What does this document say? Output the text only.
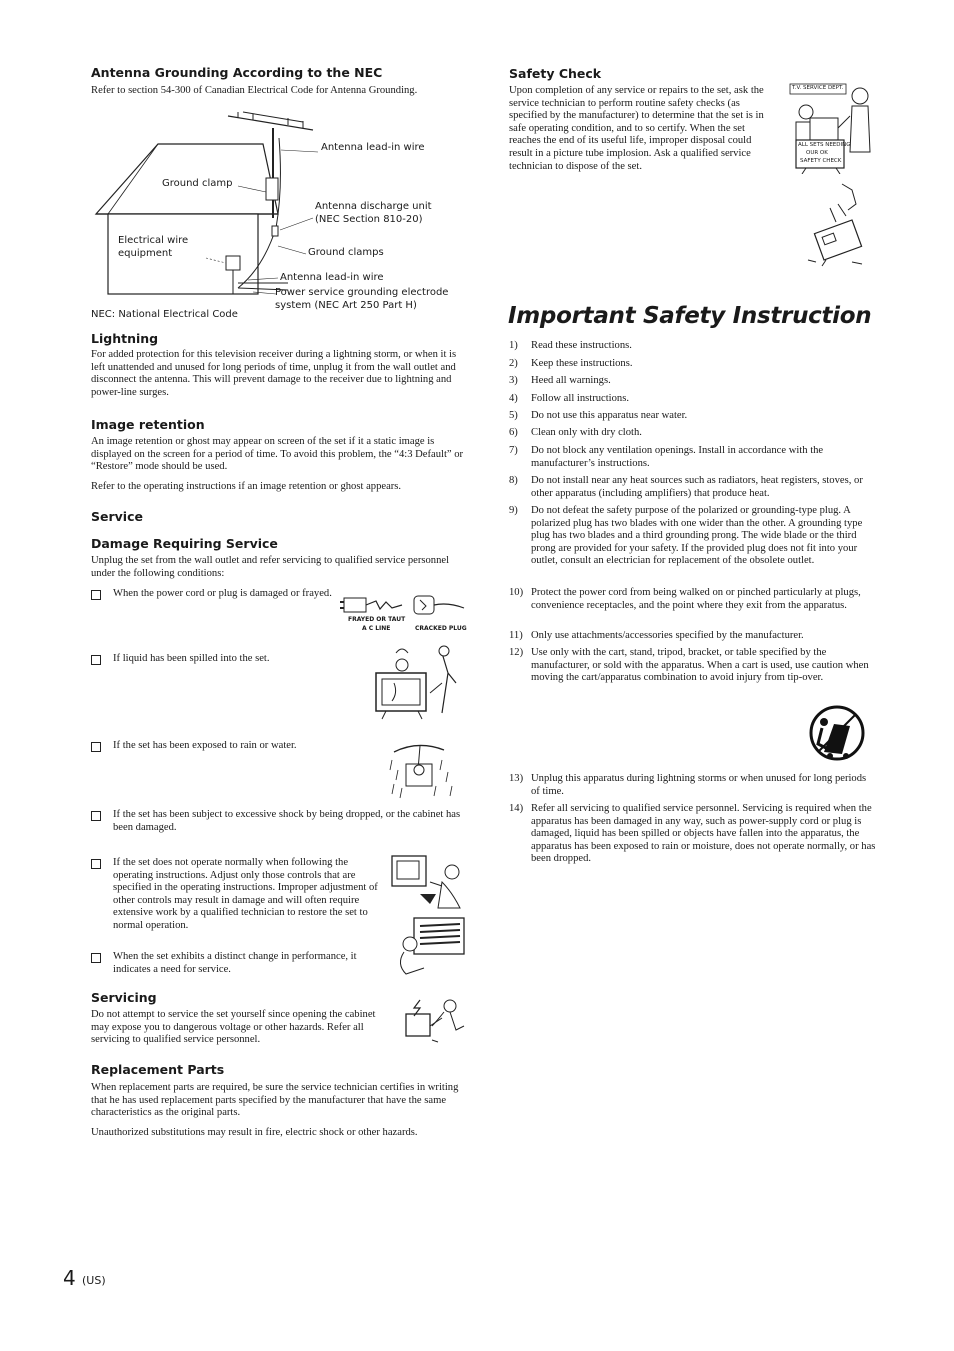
Antenna Grounding According to the NEC

Refer to section 54-300 of Canadian Electrical Code for Antenna Grounding.

Antenna lead-in wire
Ground clamp
Antenna discharge unit
(NEC Section 810-20)
Electrical wire
equipment	Ground clamps
Antenna lead-in wire
Power service grounding electrode
system (NEC Art 250 Part H)
NEC: National Electrical Code
Lightning

For added protection for this television receiver during a lightning storm, or when it is left unattended and unused for long periods of time, unplug it from the wall outlet and disconnect the antenna. This will prevent damage to the receiver due to lightning and power-line surges.

Image retention

An image retention or ghost may appear on screen of the set if it a static image is displayed on the screen for a period of time. To avoid this problem, the “4:3 Default” or “Restore” mode should be used.

Refer to the operating instructions if an image retention or ghost appears.

Service
Damage Requiring Service

Unplug the set from the wall outlet and refer servicing to qualified service personnel under the following conditions:

When the power cord or plug is damaged or frayed.
FRAYED OR TAUT
A C LINE	CRACKED PLUG
If liquid has been spilled into the set.
If the set has been exposed to rain or water.
If the set has been subject to excessive shock by being dropped, or the cabinet has been damaged.
If the set does not operate normally when following the operating instructions. Adjust only those controls that are specified in the operating instructions. Improper adjustment of other controls may result in damage and will often require extensive work by a qualified technician to restore the set to normal operation.
When the set exhibits a distinct change in performance, it indicates a need for service.
Servicing

Do not attempt to service the set yourself since opening the cabinet may expose you to dangerous voltage or other hazards. Refer all servicing to qualified service personnel.

Replacement Parts

When replacement parts are required, be sure the service technician certifies in writing that he has used replacement parts specified by the manufacturer that have the same characteristics as the original parts.

Unauthorized substitutions may result in fire, electric shock or other hazards.

Safety Check

Upon completion of any service or repairs to the set, ask the service technician to perform routine safety checks (as specified by the manufacturer) to determine that the set is in safe operating condition, and to so certify. When the set reaches the end of its useful life, improper disposal could result in a picture tube implosion. Ask a qualified service technician to dispose of the set.

T.V. SERVICE DEPT.
ALL SETS NEEDING
OUR OK
SAFETY CHECK
Important Safety Instruction
1) Read these instructions.
2) Keep these instructions.
3) Heed all warnings.
4) Follow all instructions.
5) Do not use this apparatus near water.
6) Clean only with dry cloth.
7) Do not block any ventilation openings. Install in accordance with the manufacturer’s instructions.
8) Do not install near any heat sources such as radiators, heat registers, stoves, or other apparatus (including amplifiers) that produce heat.
9) Do not defeat the safety purpose of the polarized or grounding-type plug. A polarized plug has two blades with one wider than the other. A grounding type plug has two blades and a third grounding prong. The wide blade or the third prong are provided for your safety. If the provided plug does not fit into your outlet, consult an electrician for replacement of the obsolete outlet.
10) Protect the power cord from being walked on or pinched particularly at plugs, convenience receptacles, and the point where they exit from the apparatus.
11) Only use attachments/accessories specified by the manufacturer.
12) Use only with the cart, stand, tripod, bracket, or table specified by the manufacturer, or sold with the apparatus. When a cart is used, use caution when moving the cart/apparatus combination to avoid injury from tip-over.
13) Unplug this apparatus during lightning storms or when unused for long periods of time.
14) Refer all servicing to qualified service personnel. Servicing is required when the apparatus has been damaged in any way, such as power-supply cord or plug is damaged, liquid has been spilled or objects have fallen into the apparatus, the apparatus has been exposed to rain or moisture, does not operate normally, or has been dropped.
4 (US)
